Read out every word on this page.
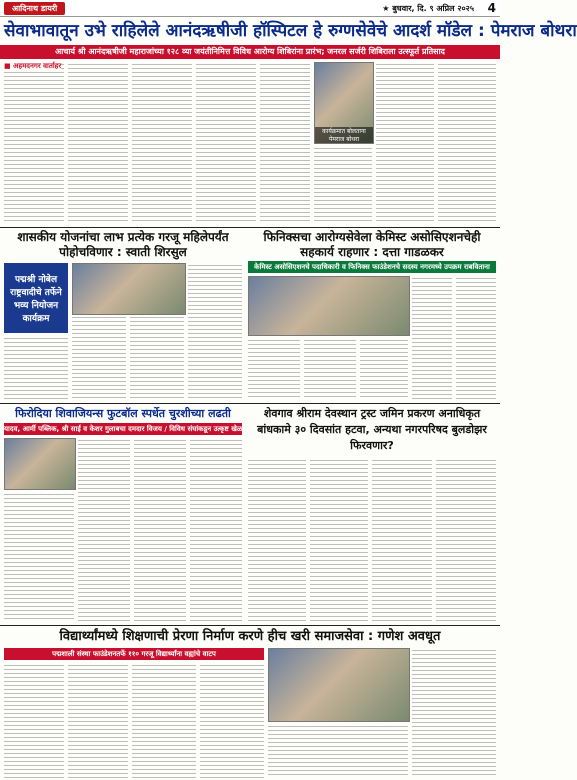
आदिनाथ डायरी	★ बुधवार, दि. ९ अप्रिल २०२५ 4
सेवाभावातून उभे राहिलेले आनंदऋषीजी हॉस्पिटल हे रुग्णसेवेचे आदर्श मॉडेल : पेमराज बोथरा
आचार्य श्री आनंदऋषीजी महाराजांच्या १२८ व्या जयंतीनिमित्त विविध आरोग्य शिबिरांना प्रारंभ; जनरल सर्जरी शिबिराला उत्स्फूर्त प्रतिसाद
■ अहमदनगर वार्ताहर
कार्यक्रमात बोलताना पेमराज बोथरा
शासकीय योजनांचा लाभ प्रत्येक गरजू महिलेपर्यंत पोहोचविणार : स्वाती शिरसुल
पद्मश्री नोबेल राष्ट्रवादीचे तर्फेने भव्य नियोजन कार्यक्रम
फिनिक्सचा आरोग्यसेवेला केमिस्ट असोसिएशनचेही सहकार्य राहणार : दत्ता गाडळकर
केमिस्ट असोसिएशनचे पदाधिकारी व फिनिक्स फाउंडेशनचे सदस्य नगरमध्ये उपक्रम राबविताना
फिरोदिया शिवाजियन्स फुटबॉल स्पर्धेत चुरशीच्या लढती
यादव, आर्मी पब्लिक, श्री साई व केशर गुलाबचा दमदार विजय / विविध संघांकडून उत्कृष्ट खेळाचे प्रदर्शन
शेवगाव श्रीराम देवस्थान ट्रस्ट जमिन प्रकरण अनाधिकृत बांधकामे ३० दिवसांत हटवा, अन्यथा नगरपरिषद बुलडोझर फिरवणार?
विद्यार्थ्यांमध्ये शिक्षणाची प्रेरणा निर्माण करणे हीच खरी समाजसेवा : गणेश अवधूत
पद्मशाली संस्था फाउंडेशनतर्फे ११० गरजू विद्यार्थ्यांना वह्यांचे वाटप
